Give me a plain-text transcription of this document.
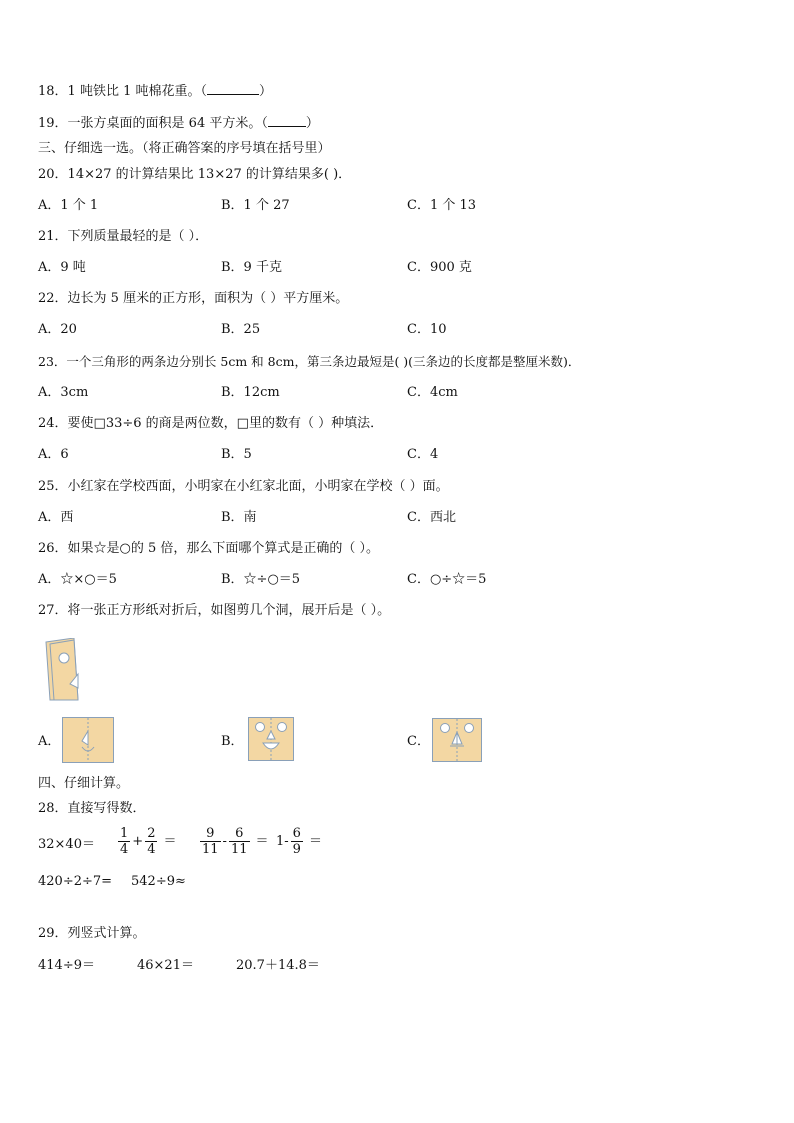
18．1 吨铁比 1 吨棉花重。（	）
19．一张方桌面的面积是 64 平方米。（	）
三、仔细选一选。（将正确答案的序号填在括号里）
20．14×27 的计算结果比 13×27 的计算结果多( )．
A．1 个 1	B．1 个 27	C．1 个 13
21．下列质量最轻的是（ ）．
A．9 吨	B．9 千克	C．900 克
22．边长为 5 厘米的正方形，面积为（ ）平方厘米。
A．20	B．25	C．10
23．一个三角形的两条边分别长 5cm 和 8cm，第三条边最短是( )(三条边的长度都是整厘米数)．
A．3cm	B．12cm	C．4cm
24．要使□33÷6 的商是两位数，□里的数有（ ）种填法．
A．6	B．5	C．4
25．小红家在学校西面，小明家在小红家北面，小明家在学校（ ）面。
A．西	B．南	C．西北
26．如果☆是○的 5 倍，那么下面哪个算式是正确的（ ）。
A．☆×○＝5	B．☆÷○＝5	C．○÷☆＝5
27．将一张正方形纸对折后，如图剪几个洞，展开后是（ ）。
A．	B．	C．
四、仔细计算。
28．直接写得数．
$32\times 40= \frac{1}{4} + \frac{2}{4} = \frac{9}{11} - \frac{6}{11} = 1- \frac{6}{9}$ ＝
420÷2÷7= 542÷9≈
29．列竖式计算。
414÷9＝	46×21＝	20.7＋14.8＝
